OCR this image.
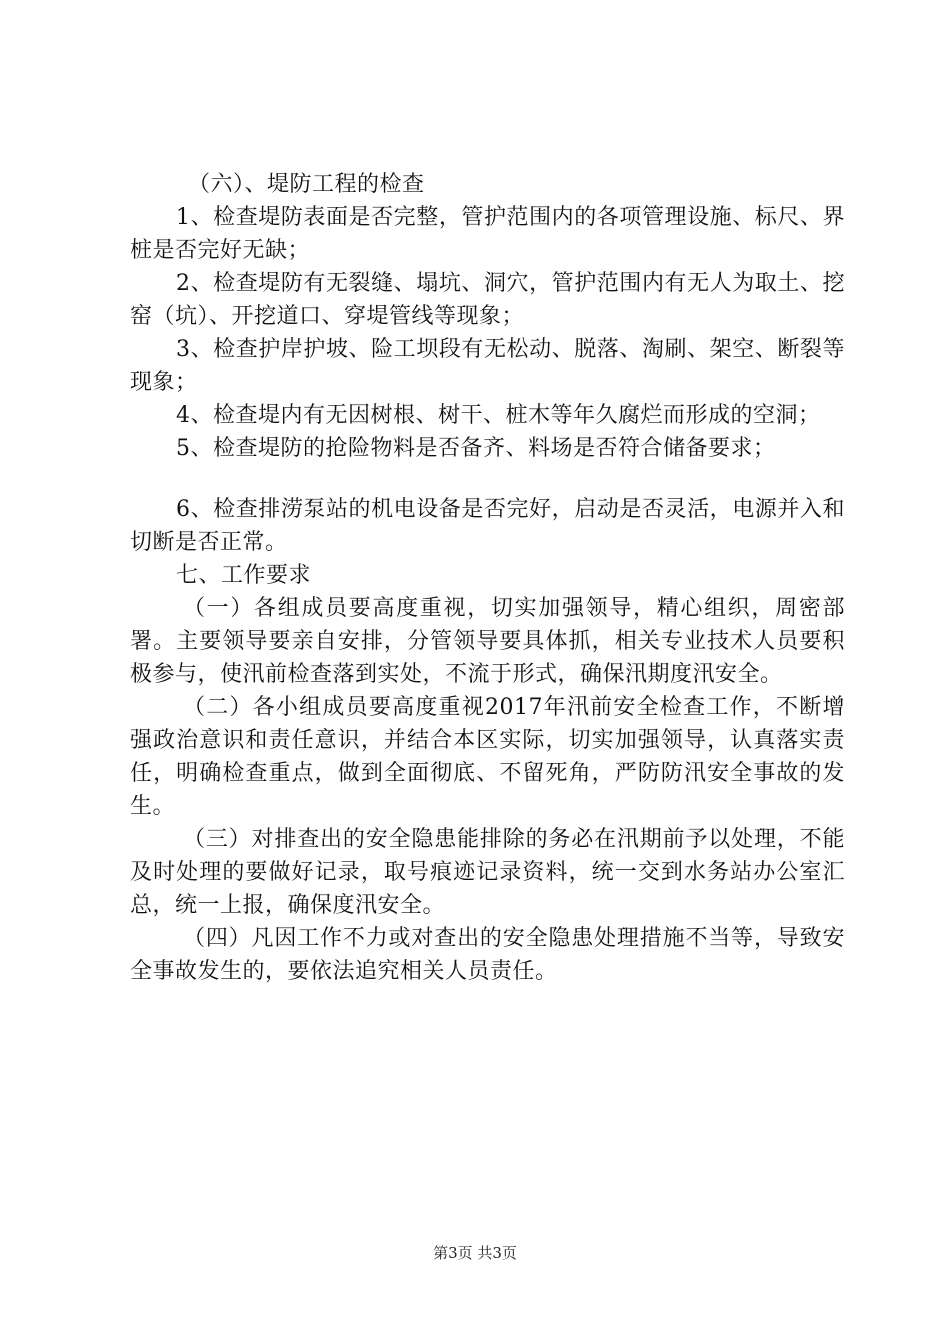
（六）、堤防工程的检查

1、检查堤防表面是否完整，管护范围内的各项管理设施、标尺、界桩是否完好无缺；

2、检查堤防有无裂缝、塌坑、洞穴，管护范围内有无人为取土、挖窑（坑）、开挖道口、穿堤管线等现象；

3、检查护岸护坡、险工坝段有无松动、脱落、淘刷、架空、断裂等现象；

4、检查堤内有无因树根、树干、桩木等年久腐烂而形成的空洞；

5、检查堤防的抢险物料是否备齐、料场是否符合储备要求；

6、检查排涝泵站的机电设备是否完好，启动是否灵活，电源并入和切断是否正常。

七、工作要求

（一）各组成员要高度重视，切实加强领导，精心组织，周密部署。主要领导要亲自安排，分管领导要具体抓，相关专业技术人员要积极参与，使汛前检查落到实处，不流于形式，确保汛期度汛安全。

（二）各小组成员要高度重视2017年汛前安全检查工作，不断增强政治意识和责任意识，并结合本区实际，切实加强领导，认真落实责任，明确检查重点，做到全面彻底、不留死角，严防防汛安全事故的发生。

（三）对排查出的安全隐患能排除的务必在汛期前予以处理，不能及时处理的要做好记录，取号痕迹记录资料，统一交到水务站办公室汇总，统一上报，确保度汛安全。

（四）凡因工作不力或对查出的安全隐患处理措施不当等，导致安全事故发生的，要依法追究相关人员责任。

第3页 共3页
